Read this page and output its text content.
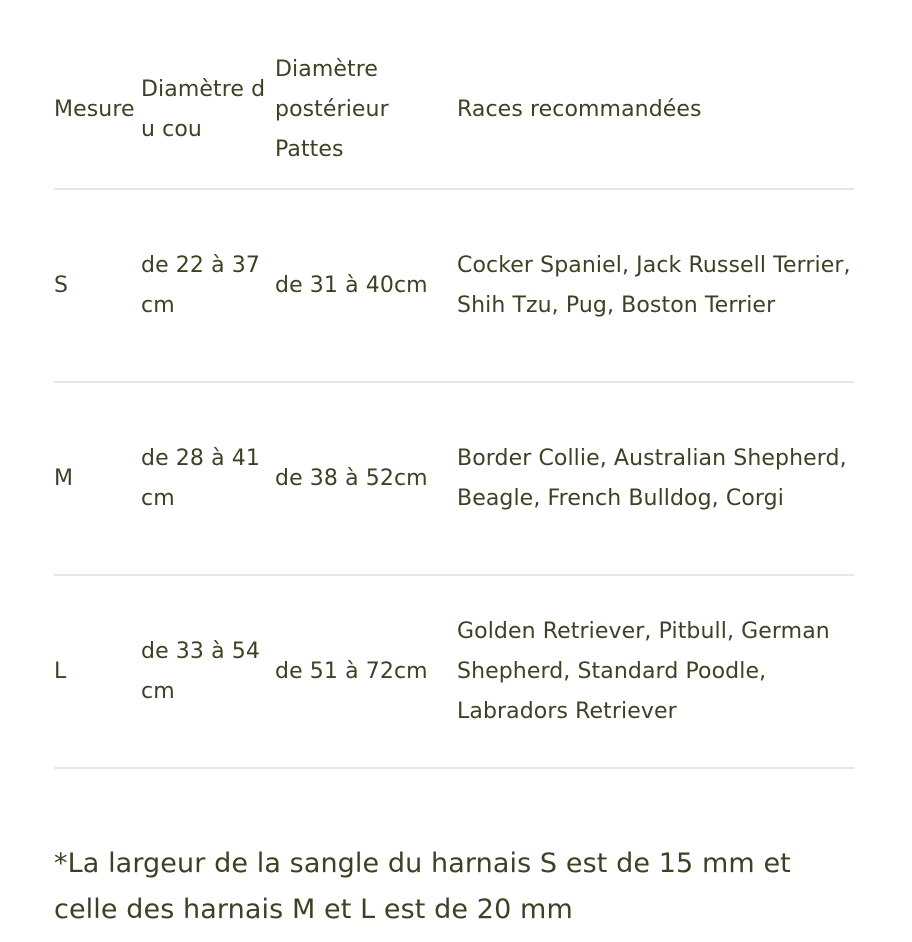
Mesure
Diamètre du cou
Diamètre postérieur Pattes
Races recommandées
S
de 22 à 37cm
de 31 à 40cm
Cocker Spaniel, Jack Russell Terrier, Shih Tzu, Pug, Boston Terrier
M
de 28 à 41cm
de 38 à 52cm
Border Collie, Australian Shepherd, Beagle, French Bulldog, Corgi
L
de 33 à 54cm
de 51 à 72cm
Golden Retriever, Pitbull, German Shepherd, Standard Poodle, Labradors Retriever

*La largeur de la sangle du harnais S est de 15 mm et celle des harnais M et L est de 20 mm
